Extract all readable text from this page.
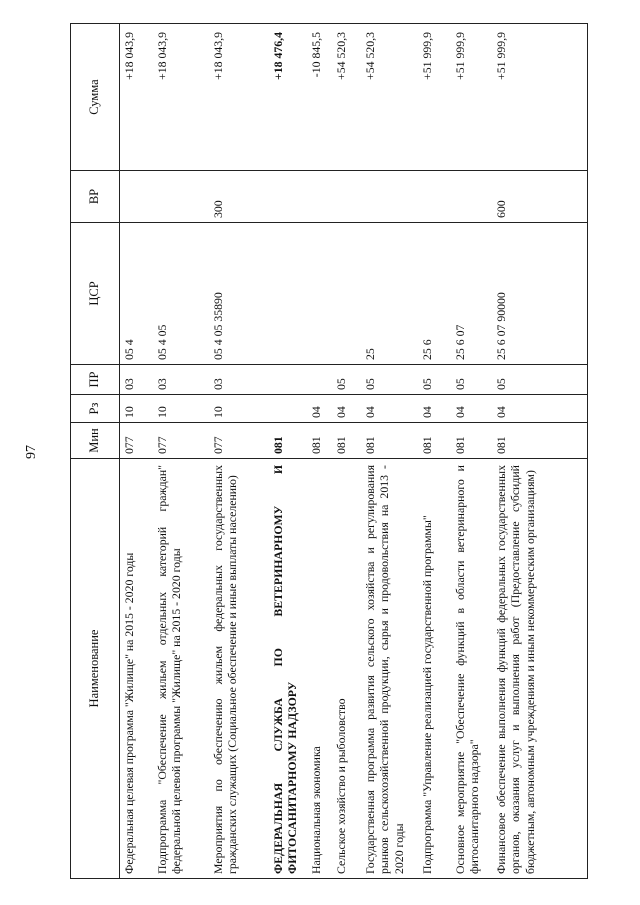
97
Наименование	Мин	Рз	ПР	ЦСР	ВР	Сумма
Федеральная целевая программа "Жилище" на 2015 - 2020 годы	077	10	03	05 4		+18 043,9
Подпрограмма "Обеспечение жильем отдельных категорий граждан" федеральной целевой программы "Жилище" на 2015 - 2020 годы	077	10	03	05 4 05		+18 043,9
Мероприятия по обеспечению жильем федеральных государственных гражданских служащих (Социальное обеспечение и иные выплаты населению)	077	10	03	05 4 05 35890	300	+18 043,9
ФЕДЕРАЛЬНАЯ СЛУЖБА ПО ВЕТЕРИНАРНОМУ И ФИТОСАНИТАРНОМУ НАДЗОРУ	081					+18 476,4
Национальная экономика	081	04				-10 845,5
Сельское хозяйство и рыболовство	081	04	05			+54 520,3
Государственная программа развития сельского хозяйства и регулирования рынков сельскохозяйственной продукции, сырья и продовольствия на 2013 - 2020 годы	081	04	05	25		+54 520,3
Подпрограмма "Управление реализацией государственной программы"	081	04	05	25 6		+51 999,9
Основное мероприятие "Обеспечение функций в области ветеринарного и фитосанитарного надзора"	081	04	05	25 6 07		+51 999,9
Финансовое обеспечение выполнения функций федеральных государственных органов, оказания услуг и выполнения работ (Предоставление субсидий бюджетным, автономным учреждениям и иным некоммерческим организациям)	081	04	05	25 6 07 90000	600	+51 999,9
